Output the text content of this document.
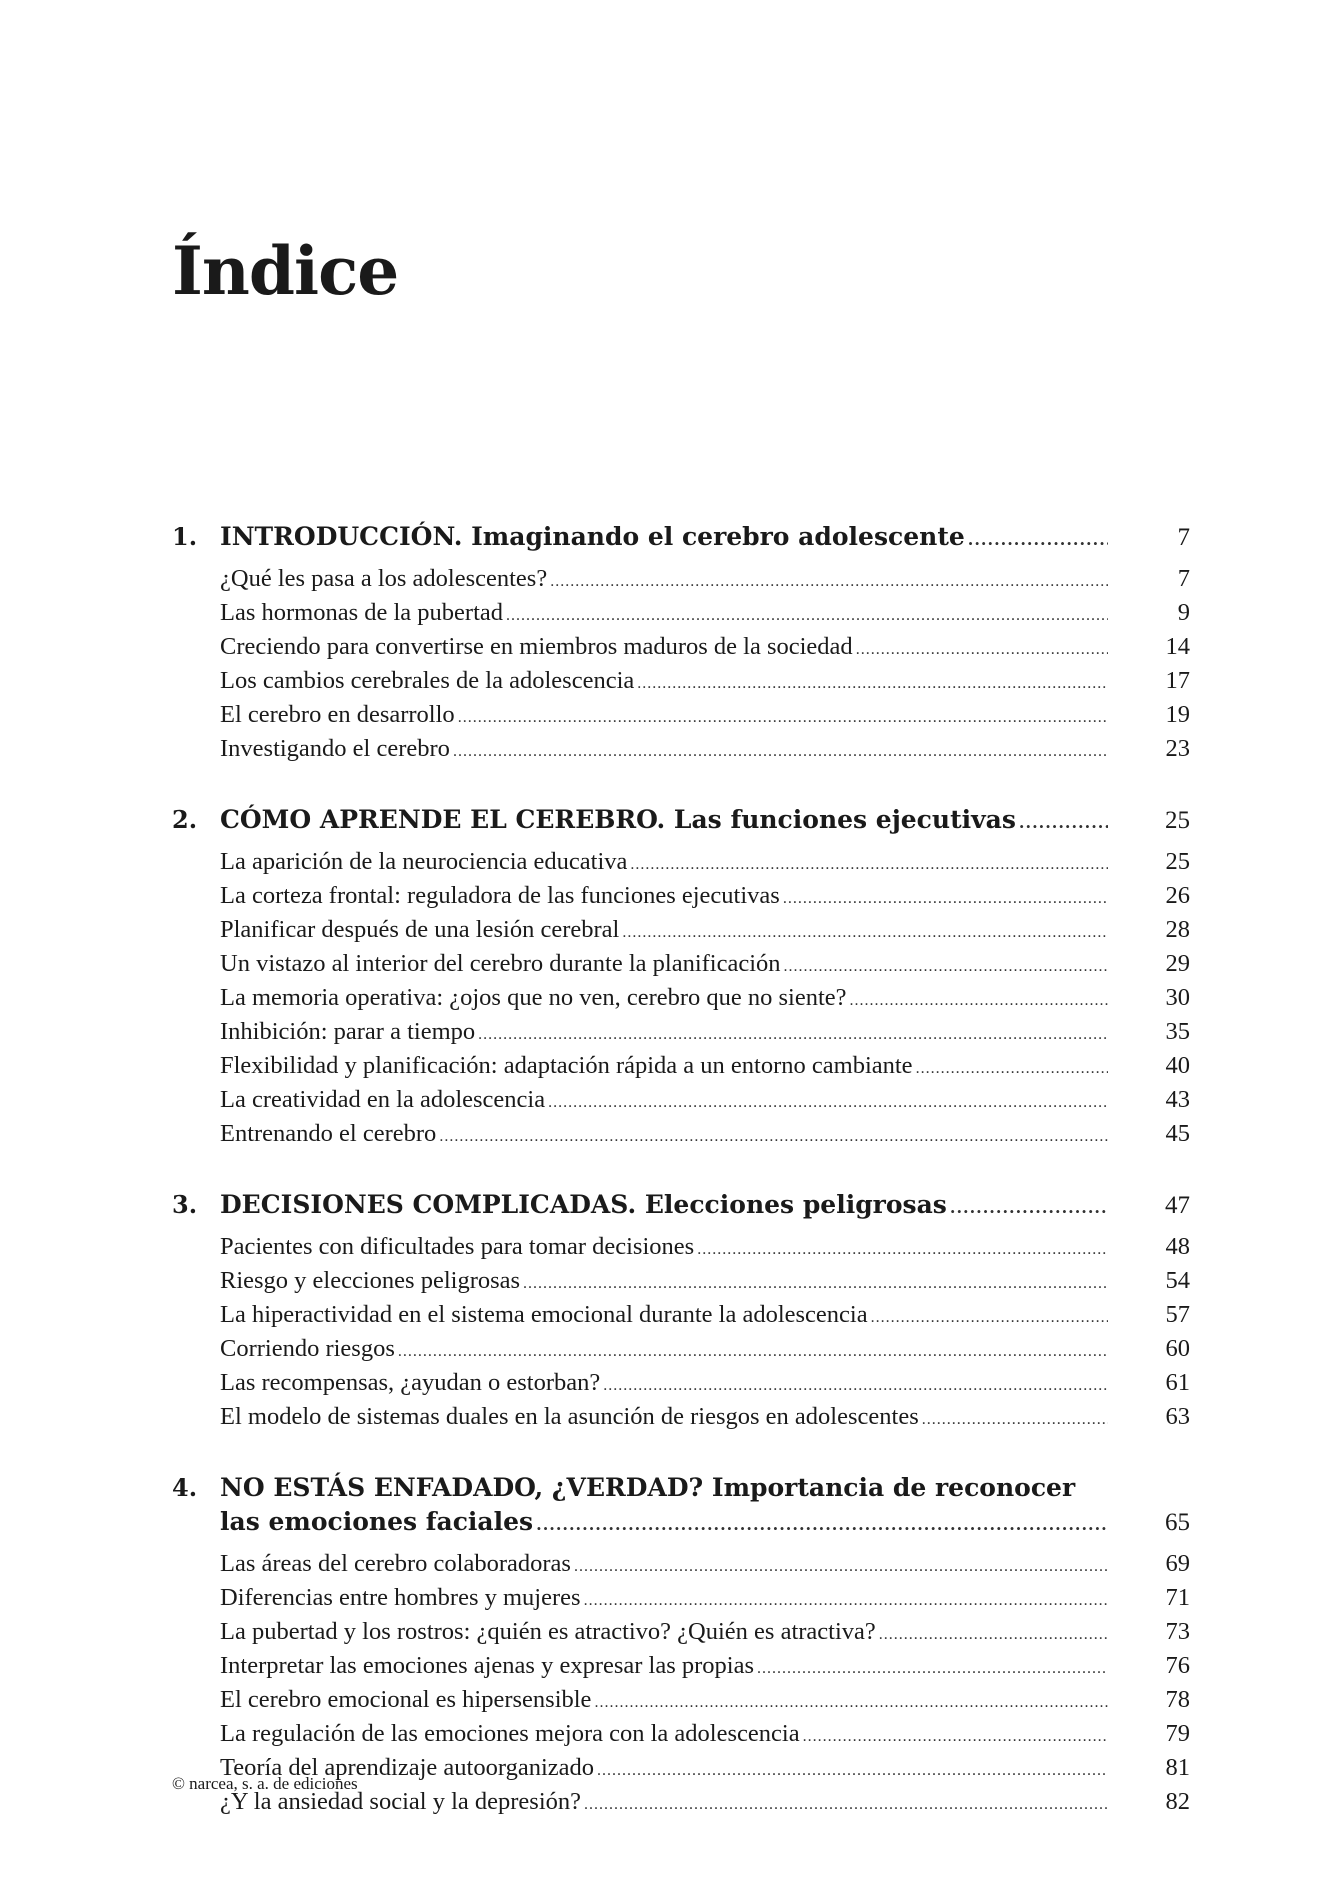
Índice
1. INTRODUCCIÓN. Imaginando el cerebro adolescente .....	7
¿Qué les pasa a los adolescentes? .....	7
Las hormonas de la pubertad .....	9
Creciendo para convertirse en miembros maduros de la sociedad .....	14
Los cambios cerebrales de la adolescencia .....	17
El cerebro en desarrollo .....	19
Investigando el cerebro .....	23
2. CÓMO APRENDE EL CEREBRO. Las funciones ejecutivas .....	25
La aparición de la neurociencia educativa .....	25
La corteza frontal: reguladora de las funciones ejecutivas .....	26
Planificar después de una lesión cerebral .....	28
Un vistazo al interior del cerebro durante la planificación .....	29
La memoria operativa: ¿ojos que no ven, cerebro que no siente? .....	30
Inhibición: parar a tiempo .....	35
Flexibilidad y planificación: adaptación rápida a un entorno cambiante .....	40
La creatividad en la adolescencia .....	43
Entrenando el cerebro .....	45
3. DECISIONES COMPLICADAS. Elecciones peligrosas .....	47
Pacientes con dificultades para tomar decisiones .....	48
Riesgo y elecciones peligrosas .....	54
La hiperactividad en el sistema emocional durante la adolescencia .....	57
Corriendo riesgos .....	60
Las recompensas, ¿ayudan o estorban? .....	61
El modelo de sistemas duales en la asunción de riesgos en adolescentes .....	63
4. NO ESTÁS ENFADADO, ¿VERDAD? Importancia de reconocer
las emociones faciales .....	65
Las áreas del cerebro colaboradoras .....	69
Diferencias entre hombres y mujeres .....	71
La pubertad y los rostros: ¿quién es atractivo? ¿Quién es atractiva? .....	73
Interpretar las emociones ajenas y expresar las propias .....	76
El cerebro emocional es hipersensible .....	78
La regulación de las emociones mejora con la adolescencia .....	79
Teoría del aprendizaje autoorganizado .....	81
¿Y la ansiedad social y la depresión? .....	82
© narcea, s. a. de ediciones
